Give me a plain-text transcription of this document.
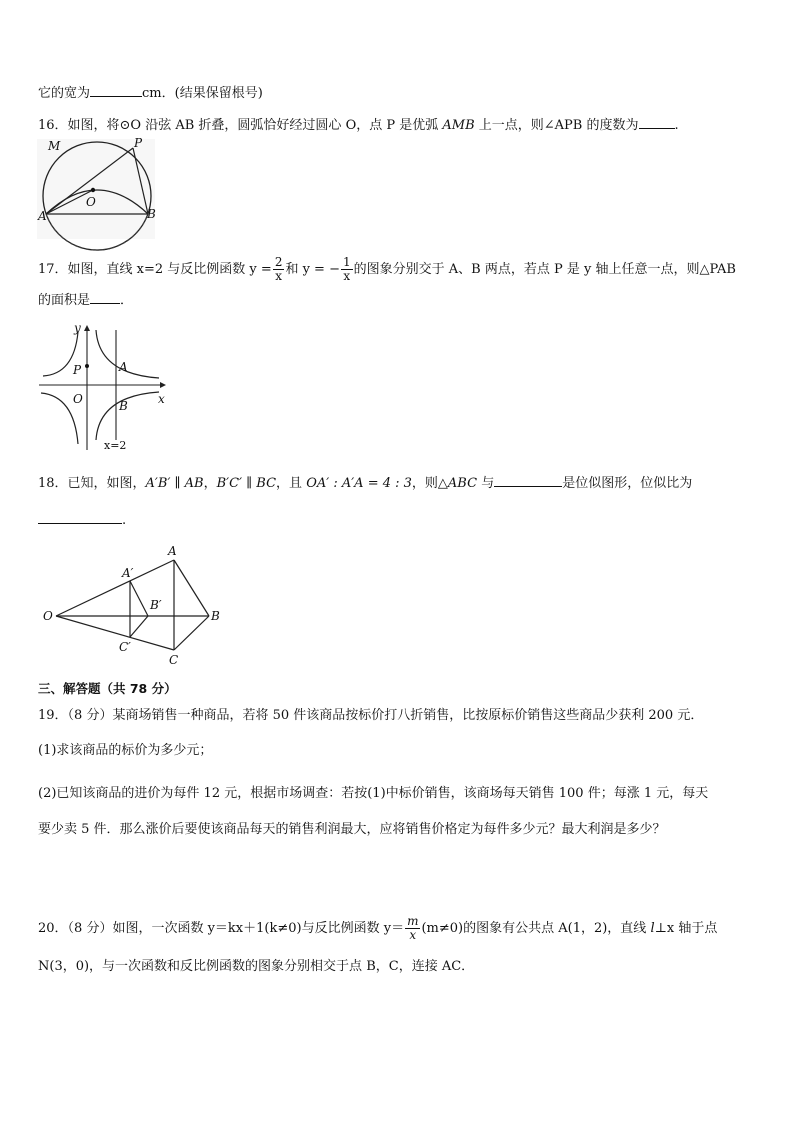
它的宽为	cm．(结果保留根号)
16．如图，将⊙O 沿弦 AB 折叠，圆弧恰好经过圆心 O，点 P 是优弧 AMB 上一点，则∠APB 的度数为	.
M	P
O
A	B
17．如图，直线 x=2 与反比例函数 $y = \frac{2}{x}$ 和 y = − $\frac{1}{x}$ 的图象分别交于 A、B 两点，若点 P 是 y 轴上任意一点，则△PAB
的面积是 ．
y
x
P	A
O	B
x=2
18．已知，如图，A′B′ ∥ AB，B′C′ ∥ BC，且 OA′ : A′A = 4 : 3，则△ABC 与	是位似图形，位似比为
.
O
A
A′
B′
B
C′
C
三、解答题（共 78 分）
19．（8 分）某商场销售一种商品，若将 50 件该商品按标价打八折销售，比按原标价销售这些商品少获利 200 元．
(1)求该商品的标价为多少元；
(2)已知该商品的进价为每件 12 元，根据市场调查：若按(1)中标价销售，该商场每天销售 100 件；每涨 1 元，每天
要少卖 5 件．那么涨价后要使该商品每天的销售利润最大，应将销售价格定为每件多少元？最大利润是多少？
20．（8 分）如图，一次函数 y＝kx＋1(k≠0)与反比例函数 $y= \frac{m}{x} (m\ne 0)$的图象有公共点 A(1，2)，直线 l⊥x 轴于点
N(3，0)，与一次函数和反比例函数的图象分别相交于点 B，C，连接 AC．
